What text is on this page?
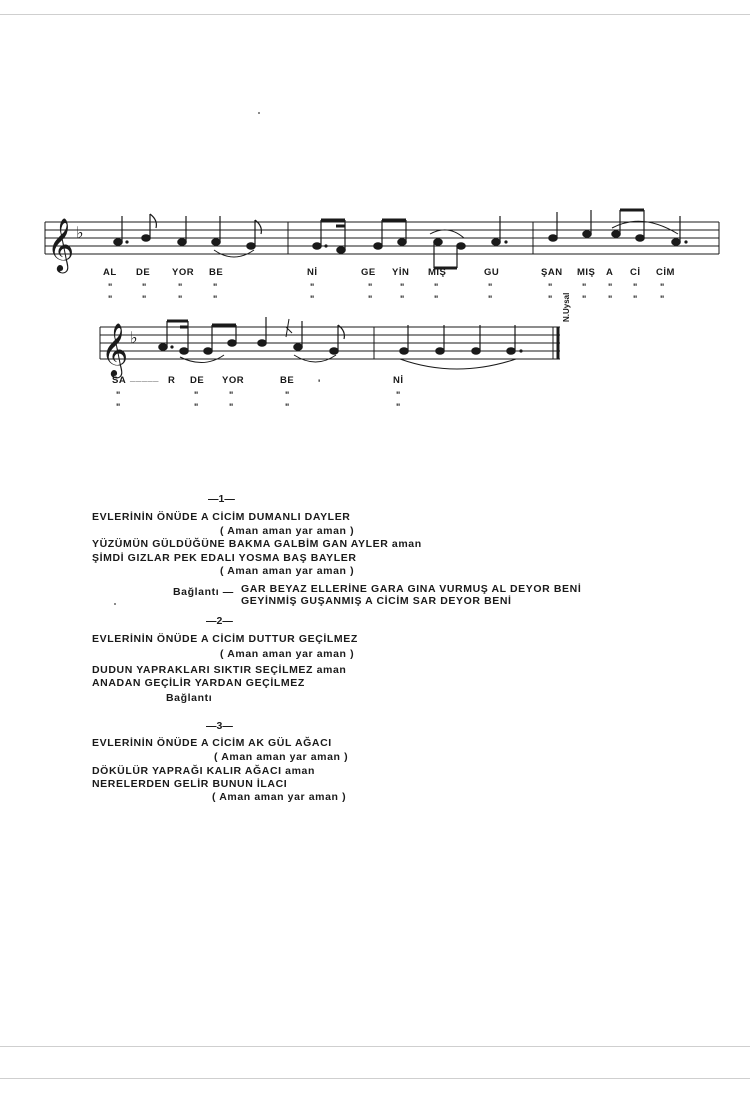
𝄞 ♭
AL DE YOR BE	Nİ	GE YİN MİŞ	GU	ŞAN MIŞ A Cİ CİM
"	"	"	"	"	"	"	"	"	"	" " "	"
"	"	"	"	"	"	"	"	"	"	" " "	"
𝄞 ♭
N.Uysal
SA _____ R DE YOR	BE	'	Nİ
"	"	"	"	"
"	"	"	"	"
—1—
EVLERİNİN ÖNÜDE A CİCİM DUMANLI DAYLER
( Aman aman yar aman )
YÜZÜMÜN GÜLDÜĞÜNE BAKMA GALBİM GAN AYLER aman
ŞİMDİ GIZLAR PEK EDALI YOSMA BAŞ BAYLER
( Aman aman yar aman )
Bağlantı — GAR BEYAZ ELLERİNE GARA GINA VURMUŞ AL DEYOR BENİ
GEYİNMİŞ GUŞANMIŞ A CİCİM SAR DEYOR BENİ
—2—
EVLERİNİN ÖNÜDE A CİCİM DUTTUR GEÇİLMEZ
( Aman aman yar aman )
DUDUN YAPRAKLARI SIKTIR SEÇİLMEZ aman
ANADAN GEÇİLİR YARDAN GEÇİLMEZ
Bağlantı
—3—
EVLERİNİN ÖNÜDE A CİCİM AK GÜL AĞACI
( Aman aman yar aman )
DÖKÜLÜR YAPRAĞI KALIR AĞACI aman
NERELERDEN GELİR BUNUN İLACI
( Aman aman yar aman )
